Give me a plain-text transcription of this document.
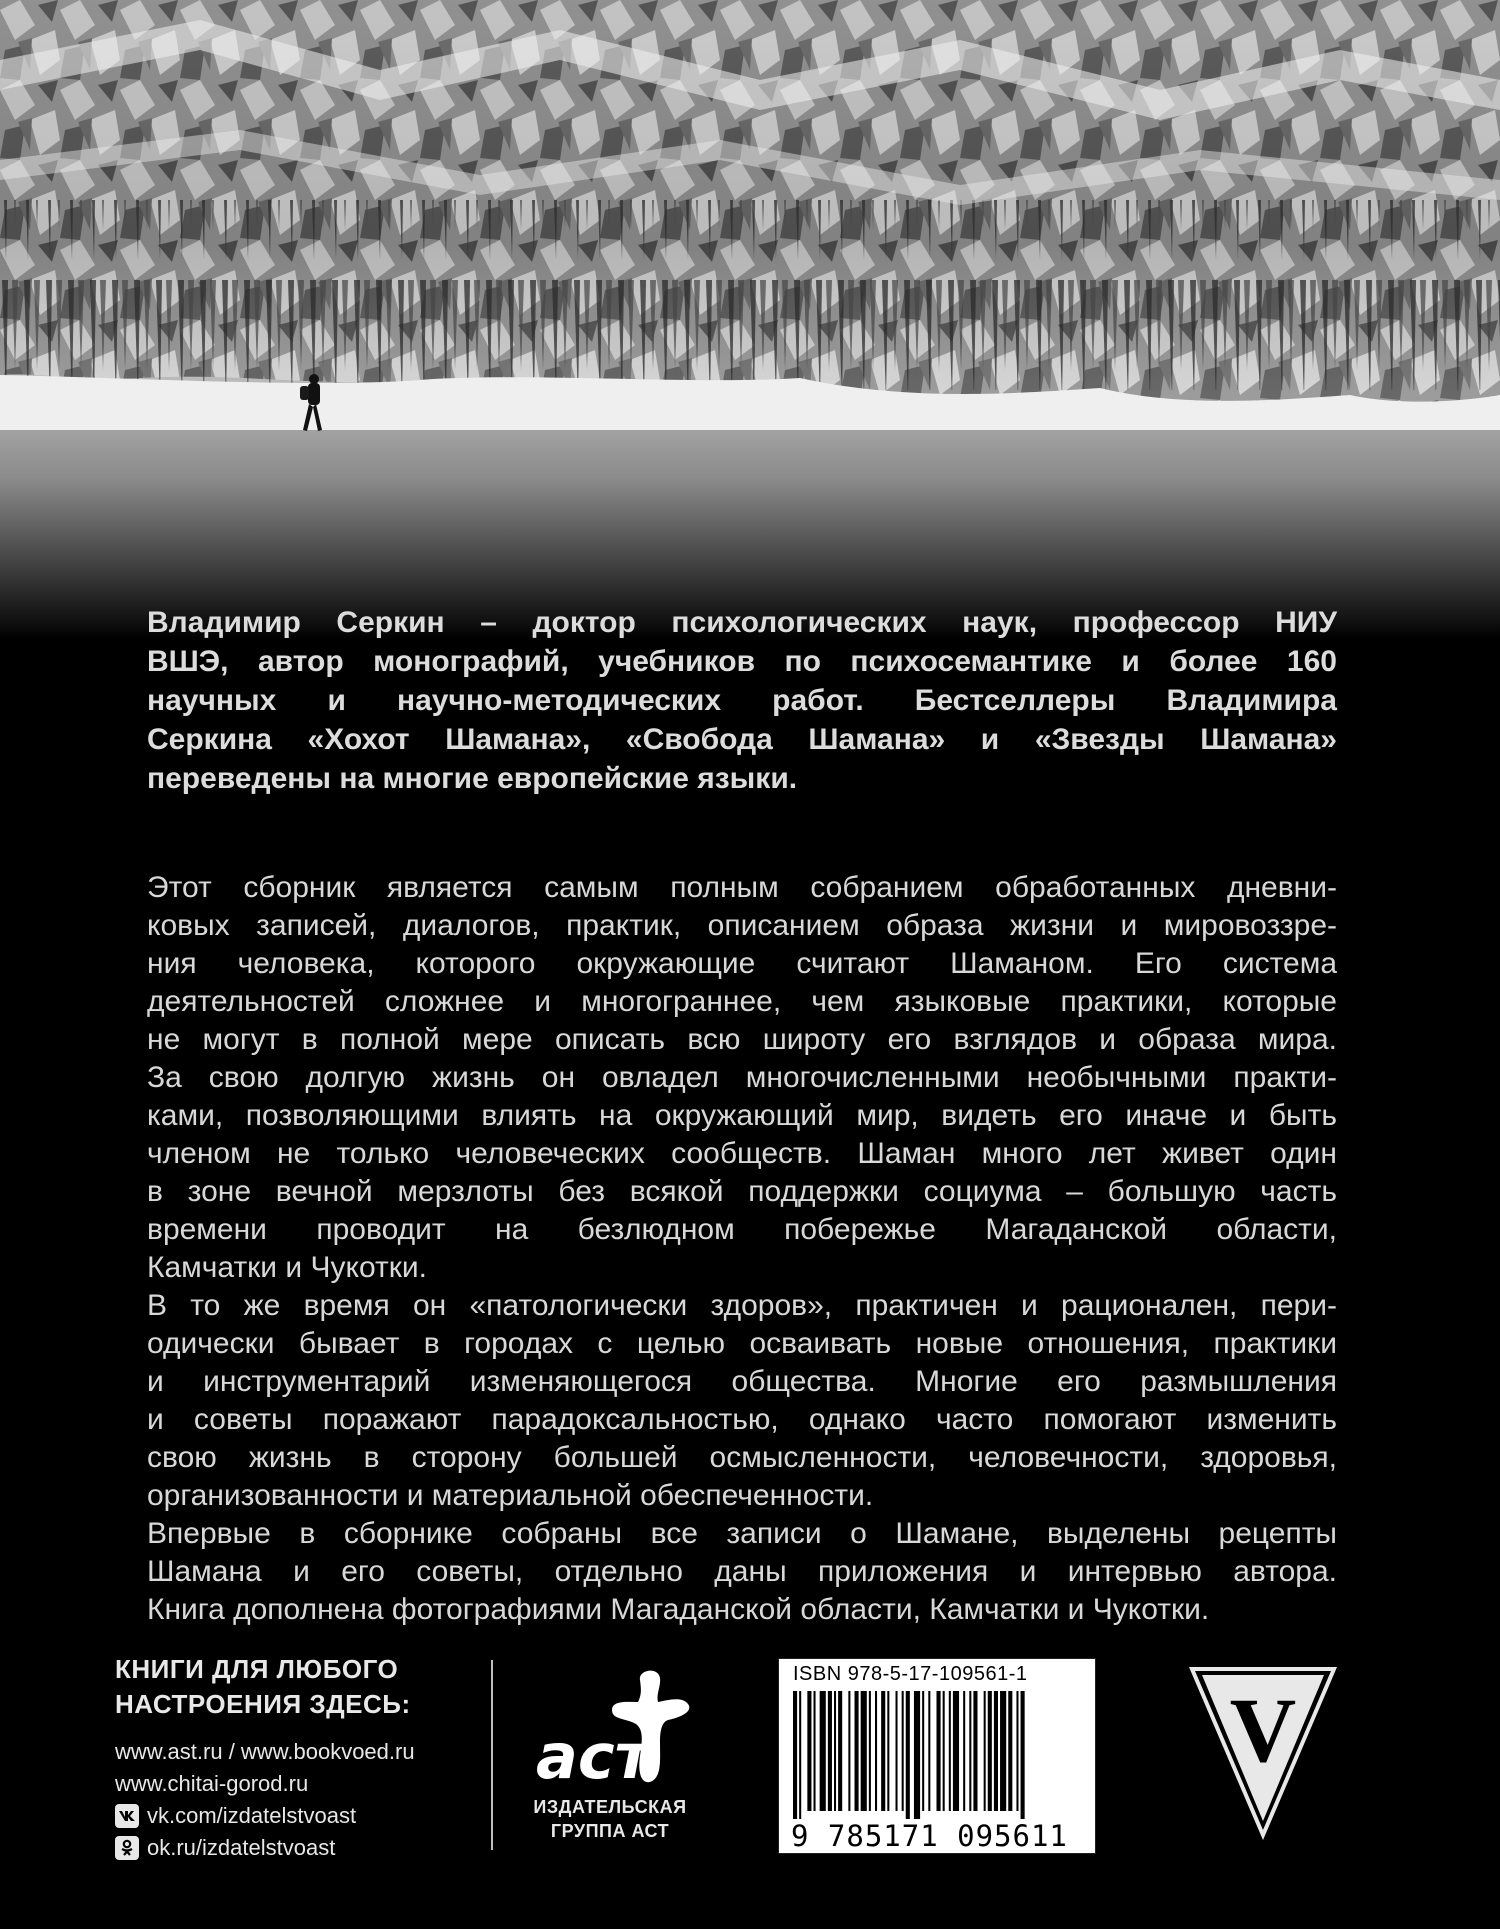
Владимир Серкин – доктор психологических наук, профессор НИУ
ВШЭ, автор монографий, учебников по психосемантике и более 160
научных и научно-методических работ. Бестселлеры Владимира
Серкина «Хохот Шамана», «Свобода Шамана» и «Звезды Шамана»
переведены на многие европейские языки.
Этот сборник является самым полным собранием обработанных дневни-
ковых записей, диалогов, практик, описанием образа жизни и мировоззре-
ния человека, которого окружающие считают Шаманом. Его система
деятельностей сложнее и многограннее, чем языковые практики, которые
не могут в полной мере описать всю широту его взглядов и образа мира.
За свою долгую жизнь он овладел многочисленными необычными практи-
ками, позволяющими влиять на окружающий мир, видеть его иначе и быть
членом не только человеческих сообществ. Шаман много лет живет один
в зоне вечной мерзлоты без всякой поддержки социума – большую часть
времени проводит на безлюдном побережье Магаданской области,
Камчатки и Чукотки.
В то же время он «патологически здоров», практичен и рационален, пери-
одически бывает в городах с целью осваивать новые отношения, практики
и инструментарий изменяющегося общества. Многие его размышления
и советы поражают парадоксальностью, однако часто помогают изменить
свою жизнь в сторону большей осмысленности, человечности, здоровья,
организованности и материальной обеспеченности.
Впервые в сборнике собраны все записи о Шамане, выделены рецепты
Шамана и его советы, отдельно даны приложения и интервью автора.
Книга дополнена фотографиями Магаданской области, Камчатки и Чукотки.
КНИГИ ДЛЯ ЛЮБОГО
НАСТРОЕНИЯ ЗДЕСЬ:
www.ast.ru / www.bookvoed.ru
www.chitai-gorod.ru
vk.com/izdatelstvoast
ok.ru/izdatelstvoast
аст
ИЗДАТЕЛЬСКАЯ
ГРУППА АСТ
ISBN 978-5-17-109561-1
9 785171 095611
V
